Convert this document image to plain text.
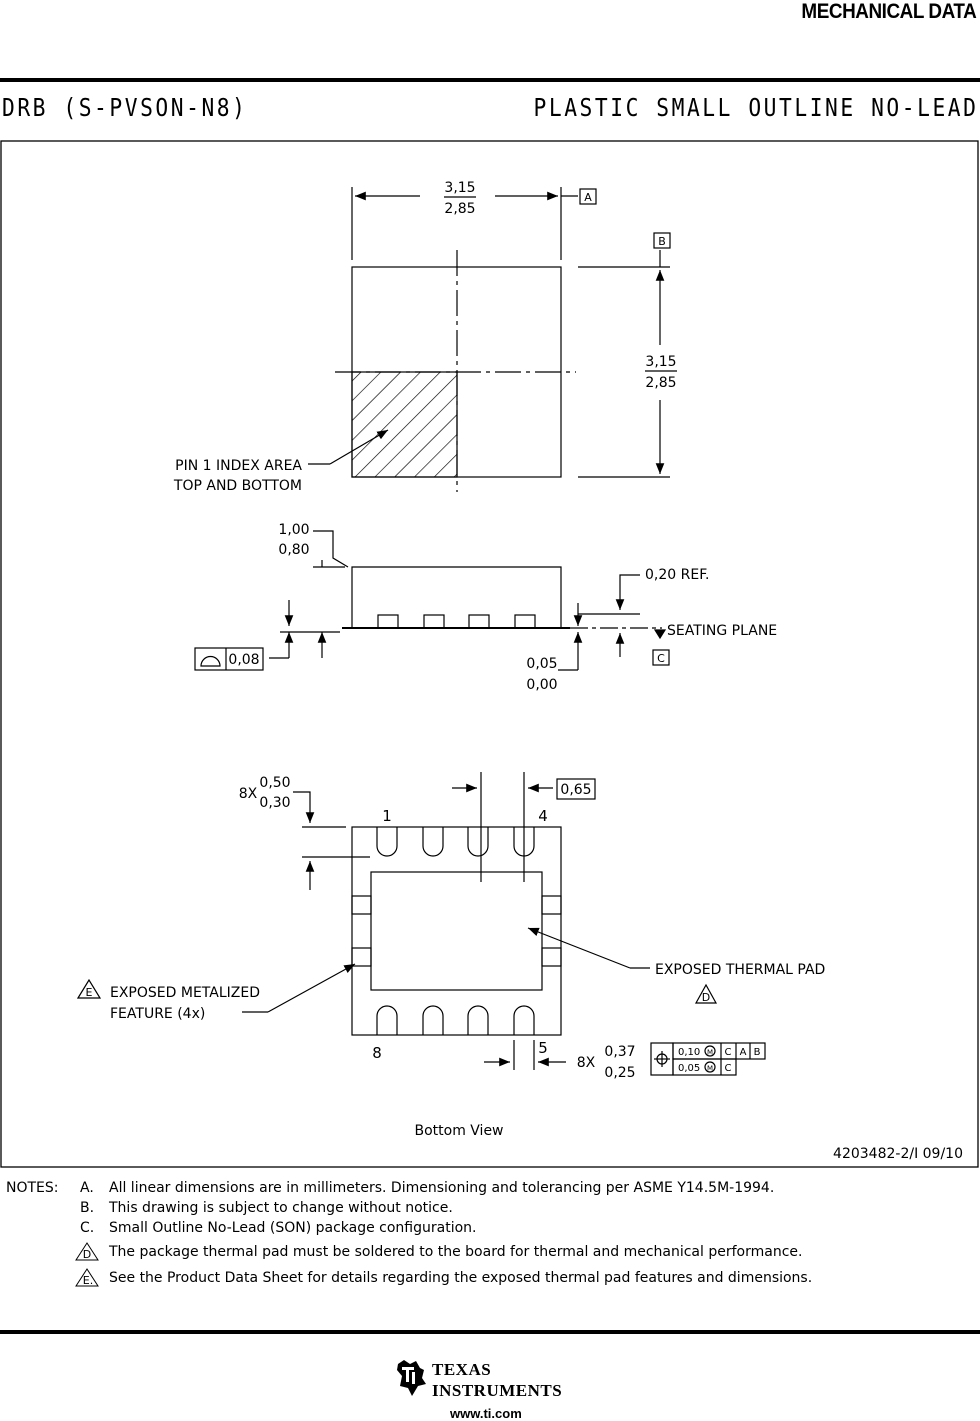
MECHANICAL DATA
DRB (S-PVSON-N8)	PLASTIC SMALL OUTLINE NO-LEAD
3,15
2,85
A
B
3,15
2,85
PIN 1 INDEX AREA
TOP AND BOTTOM
1,00
0,80
0,20 REF.
SEATING PLANE
C
0,08	0,05
0,00
8X
0,50
0,30
0,65
1	4
8	5
E EXPOSED METALIZED
FEATURE (4x)
EXPOSED THERMAL PAD
D
8X
0,37
0,25
0,10 M C A B
0,05 M C
Bottom View
4203482-2/I 09/10
NOTES: A. All linear dimensions are in millimeters. Dimensioning and tolerancing per ASME Y14.5M-1994.
B. This drawing is subject to change without notice.
C. Small Outline No-Lead (SON) package configuration.
D The package thermal pad must be soldered to the board for thermal and mechanical performance.
E. See the Product Data Sheet for details regarding the exposed thermal pad features and dimensions.
TEXAS
INSTRUMENTS
www.ti.com
